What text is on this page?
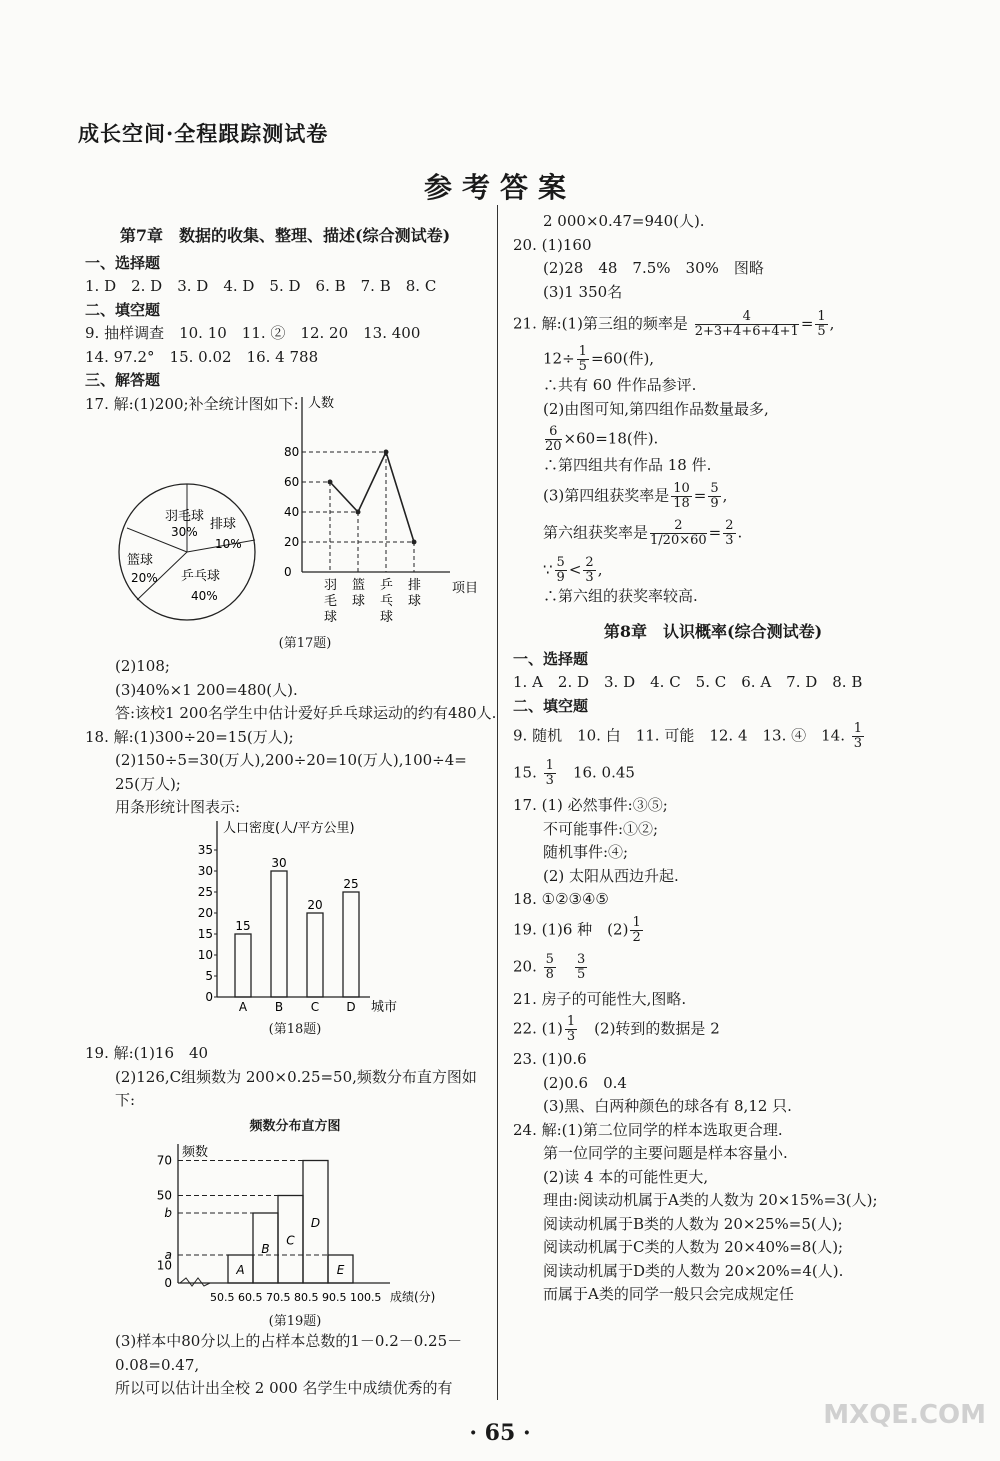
成长空间·全程跟踪测试卷
参考答案
第7章　数据的收集、整理、描述(综合测试卷)
一、选择题
1. D　2. D　3. D　4. D　5. D　6. B　7. B　8. C
二、填空题
9. 抽样调查　10. 10　11. ②　12. 20　13. 400
14. 97.2°　15. 0.02　16. 4 788
三、解答题
17. 解:(1)200;补全统计图如下:
羽毛球
30% 排球
10%
篮球
20% 乒乓球
40%
人数
项目
0
20
40
60
80
羽
毛
球
篮
球
乒
乓
球
排
球
(第17题)
(2)108;
(3)40%×1 200=480(人).
答:该校1 200名学生中估计爱好乒乓球运动的约有480人.
18. 解:(1)300÷20=15(万人);
(2)150÷5=30(万人),200÷20=10(万人),100÷4=
25(万人);
用条形统计图表示:
人口密度(人/平方公里)
城市
0
5
10
15
20
25
30
35
15
A
30
B
20
C
25
D
(第18题)
19. 解:(1)16　40
(2)126,C组频数为 200×0.25=50,频数分布直方图如
下:
频数分布直方图
频数
成绩(分)
50.5 60.5 70.5 80.5 90.5 100.5
0
10
a
b
50
70
A
B
C
D
E
(第19题)
(3)样本中80分以上的占样本总数的1－0.2－0.25－
0.08=0.47,
所以可以估计出全校 2 000 名学生中成绩优秀的有
2 000×0.47=940(人).
20. (1)160
(2)28　48　7.5%　30%　图略
(3)1 350名
21. 解:(1)第三组的频率是 $\frac{4}{2+3+4+6+4+1} = \frac{1}{5}$ ,
$12\div \frac{1}{5} =60$(件),
∴共有 60 件作品参评.
(2)由图可知,第四组作品数量最多,
$\frac{6}{20} \times 60=18$(件).
∴第四组共有作品 18 件.
(3)第四组获奖率是 $\frac{10}{18} = \frac{5}{9}$ ,
第六组获奖率是 $\frac{2}{1/20\times 60} = \frac{2}{3}$ .
∵ $\frac{5}{9} < \frac{2}{3}$ ,
∴第六组的获奖率较高.
第8章　认识概率(综合测试卷)
一、选择题
1. A　2. D　3. D　4. C　5. C　6. A　7. D　8. B
二、填空题
9. 随机　10. 白　11. 可能　12. 4　13. ④　14. $\frac{1}{3}$
15. $\frac{1}{3}$
　 16. 0.45
17. (1) 必然事件:③⑤;
不可能事件:①②;
随机事件:④;
(2) 太阳从西边升起.
18. ①②③④⑤
19. (1)6 种　$(2) \frac{1}{2}$
20. $\frac{5}{8}$
　 $\frac{3}{5}$
21. 房子的可能性大,图略.
22. $(1) \frac{1}{3}$
　 (2)转到的数据是 2
23. (1)0.6
(2)0.6　0.4
(3)黑、白两种颜色的球各有 8,12 只.
24. 解:(1)第二位同学的样本选取更合理.
第一位同学的主要问题是样本容量小.
(2)读 4 本的可能性更大,
理由:阅读动机属于A类的人数为 20×15%=3(人);
阅读动机属于B类的人数为 20×25%=5(人);
阅读动机属于C类的人数为 20×40%=8(人);
阅读动机属于D类的人数为 20×20%=4(人).
而属于A类的同学一般只会完成规定任
· 65 ·
MXQE.COM
